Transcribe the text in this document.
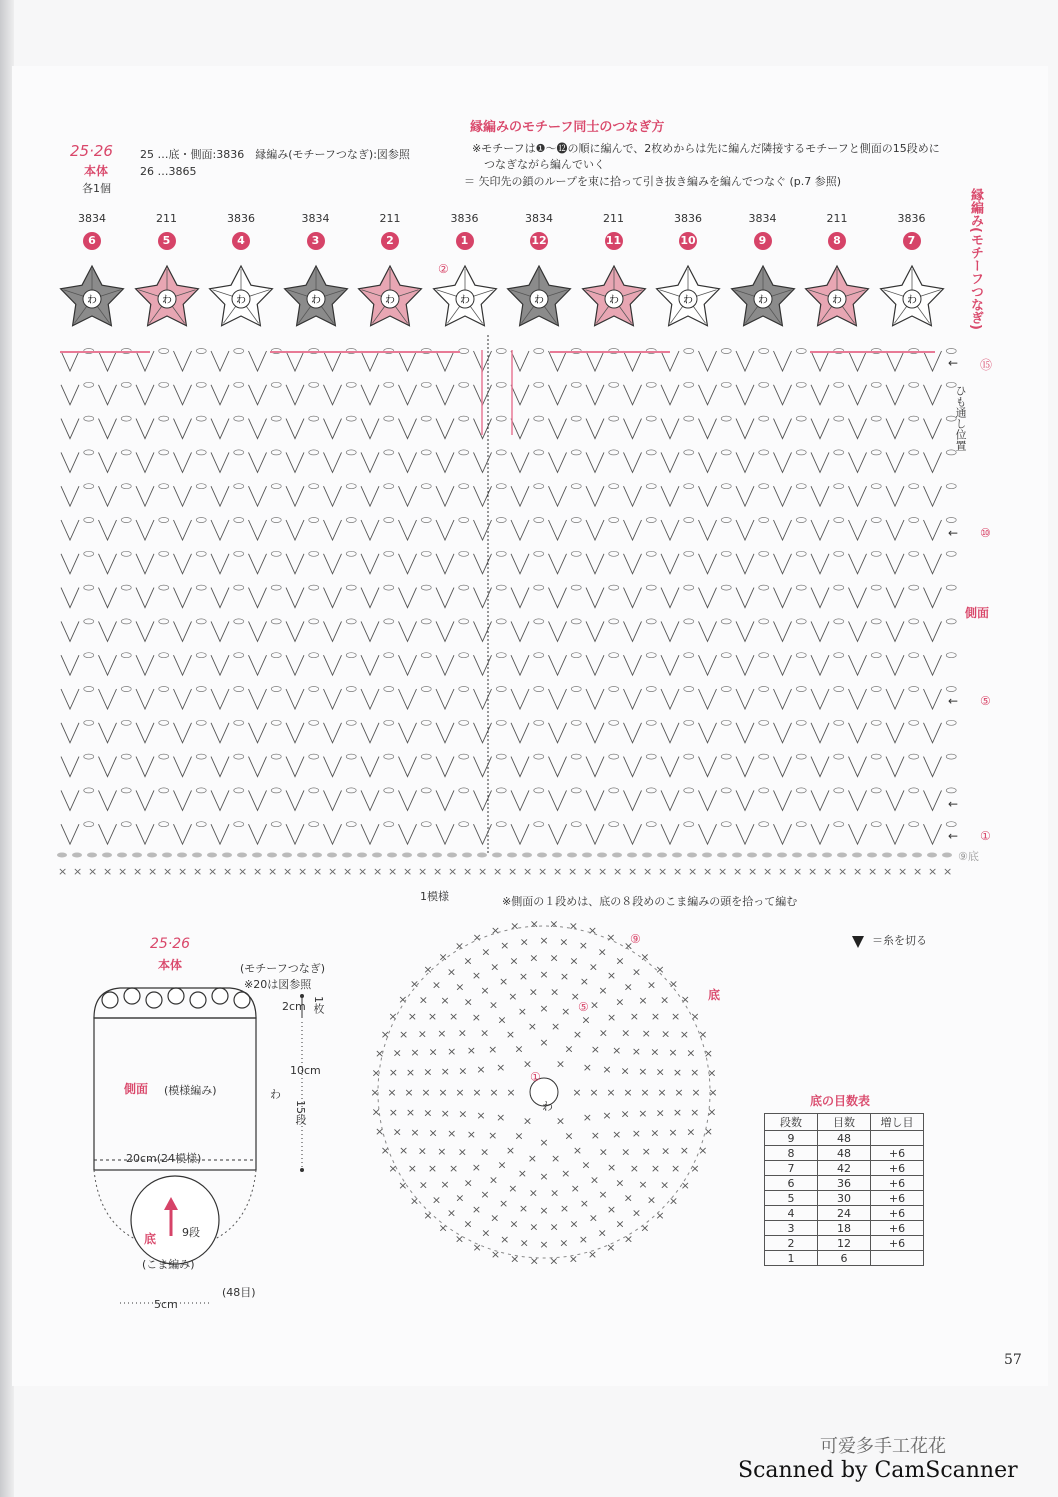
25·26
本体
各1個
25 …底・側面:3836　縁編み(モチーフつなぎ):図参照
26 …3865
縁編みのモチーフ同士のつなぎ方
※モチーフは❶～⓬の順に編んで、2枚めからは先に編んだ隣接するモチーフと側面の15段めに
つなぎながら編んでいく
＝ 矢印先の鎖のループを束に拾って引き抜き編みを編んでつなぐ (p.7 参照)
3834
6
わ
211
5
わ
3836
4
わ
3834
3
わ
211
2
わ
3836
1
わ
3834
12
わ
211
11
わ
3836
10
わ
3834
9
わ
211
8
わ
3836
7
わ
②
× × × × × × × × × × × × × × × × × × × × × × × × × × × × × × × × × × × × × × × × × × × × × × × × × × × × × × × × × × × ×
縁編み(モチーフつなぎ)
← ⑮
ひも通し位置
← ⑩
側面
← ⑤
←
← ①
⑨底
1模様	※側面の１段めは、底の８段めのこま編みの頭を拾って編む
＝糸を切る
25·26
本体	(モチーフつなぎ)
※20は図参照
2cm 1枚
側面 (模様編み)	わ
10cm
15段
20cm(24模様)
底 9段
(こま編み)
(48目)
5cm
×
×
×
×
× ×
×
×
×
×
×
×
×
×
×
×
×
×
×
×
×
×
×
×
×
×
×
×
×
×
×
× ×
×
×
×
×
×
×
×
×
×
×
×
×
×
×
×
×
×
×
×
×
× × ×
×
×
×
×
×
×
×
×
×
×
×
×
×
×
×
×
×
×
×
×
×
×
×
×
×
× × × ×
×
×
×
×
×
×
×
×
×
×
×
×
×
×
×
×
×
×
×
×
×
×
×
×
×
×
×
×
×
×
× × × × ×
×
×
×
×
×
×
×
×
×
×
×
×
×
×
×
×
×
×
×
×
×
×
×
×
×
×
×
×
×
×
×
×
×
×
×
× × × × × ×
×
×
×
×
×
×
×
×
×
×
×
×
×
×
×
×
×
×
×
×
×
×
×
×
×
×
×
×
×
×
×
×
×
×
×
×
×
×
×
×
× × × × × × ×
×
×
×
×
×
×
×
×
×
×
×
×
×
×
×
×
×
×
×
×
×
×
×
×
×
×
×
×
×
×
×
×
×
×
×
×
×
×
×
×
×
×
×
×
×
×
× × × × × ×
×
×
×
×
×
×
×
×
×
×
底
わ
①
⑤
⑨
底の目数表
段数	目数	増し目
9	48	
8	48	+6
7	42	+6
6	36	+6
5	30	+6
4	24	+6
3	18	+6
2	12	+6
1	6	
57
可爱多手工花花
Scanned by CamScanner
